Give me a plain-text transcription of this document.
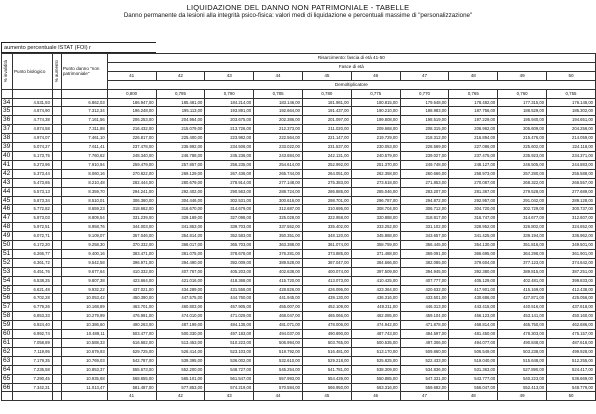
LIQUIDAZIONE DEL DANNO NON PATRIMONIALE - TABELLE
Danno permanente da lesioni alla integrità psico-fisica: valori medi di liquidazione e percentuali massime di "personalizzazione"
aumento percentuale ISTAT (FOI) r
% invalidità	Punto biologico	% aumento	Punto danno "non patrimoniale"	Risarcimento: fascia di età 41-50									
				Fasce di età									
				41	42	43	44	45	46	47	48	49	50
				Demoltiplicatore									
				0,800	0,795	0,790	0,785	0,780	0,775	0,770	0,765	0,760	0,755
34	4.531,93		6.862,03	186.947,00	185.481,00	184.214,00	183.146,00	181.981,00	180.815,00	179.648,00	178.482,00	177.315,00	176.148,00
35	4.674,90		7.312,34	196.248,00	195.113,00	193.891,00	192.664,00	191.437,00	190.210,00	188.983,00	187.756,00	186.529,00	185.302,00
36	4.774,38		7.161,56	206.253,00	204.964,00	203.675,00	202.386,00	201.097,00	199.808,00	198.519,00	197.229,00	195.940,00	194.651,00
37	4.874,58		7.311,88	216.432,00	215.079,00	213.726,00	212.373,00	211.020,00	209.668,00	208.315,00	206.962,00	205.609,00	204.256,00
38	4.974,07		7.461,10	226.817,00	225.400,00	223.982,00	222.564,00	221.147,00	219.729,00	218.312,00	216.894,00	215.476,00	214.059,00
39	5.074,27		7.611,41	237.478,00	235.992,00	234.506,00	233.022,00	231.537,00	230.053,00	228.569,00	227.086,00	225.602,00	224.118,00
40	5.173,75		7.760,62	248.340,00	246.788,00	245.236,00	243.684,00	242.131,00	240.579,00	239.027,00	237.475,00	235.923,00	234.371,00
41	5.273,96		7.910,94	259.479,00	257.857,00	256.235,00	254.614,00	252.992,00	251.370,00	249.748,00	248.127,00	246.505,00	244.883,00
42	5.373,44		8.060,16	270.822,00	269.129,00	267.436,00	265.744,00	264.051,00	262.358,00	260.666,00	258.973,00	257.280,00	255.588,00
43	5.473,65		8.210,48	282.444,00	280.679,00	278.914,00	277.148,00	275.383,00	273.618,00	271.853,00	270.087,00	268.322,00	266.557,00
44	5.573,13		8.359,70	294.241,00	292.402,00	290.563,00	288.724,00	286.885,00	285.046,00	283.207,00	281.367,00	279.528,00	277.689,00
45	5.673,34		8.510,01	306.360,00	304.446,00	302.531,00	300.616,00	298.701,00	296.787,00	294.872,00	292.957,00	291.042,00	289.128,00
46	5.772,82		8.659,23	318.662,00	316.670,00	314.679,00	312.687,00	310.695,00	308.704,00	306.712,00	304.720,00	302.729,00	300.737,00
47	5.873,03		8.809,54	331.239,00	329.169,00	327.098,00	325.028,00	322.958,00	320.888,00	318.817,00	316.747,00	314.677,00	312.607,00
48	5.972,51		8.958,76	344.003,00	341.853,00	339.703,00	337.552,00	335.402,00	333.252,00	331.102,00	328.952,00	326.802,00	324.652,00
49	6.072,71		9.109,07	357.046,00	354.814,00	352.583,00	350.351,00	348.120,00	345.888,00	343.657,00	341.425,00	339.194,00	336.962,00
50	6.172,20		9.258,30	370.332,00	368.017,00	365.703,00	363.388,00	361.074,00	358.759,00	356.445,00	354.130,00	351.816,00	349.501,00
51	6.266,77		9.400,16	383.471,00	381.075,00	378.678,00	376.281,00	373.885,00	371.488,00	369.091,00	366.695,00	364.298,00	361.901,00
52	6.361,72		9.542,58	396.971,00	394.490,00	392.009,00	389.528,00	387.047,00	384.566,00	382.085,00	379.604,00	377.123,00	374.642,00
53	6.451,76		9.677,64	410.332,00	407.767,00	405.203,00	402.638,00	400.074,00	397.509,00	394.945,00	392.380,00	389.815,00	387.251,00
54	6.538,25		9.807,38	423.664,00	421.016,00	418.368,00	415.720,00	413.073,00	410.425,00	407.777,00	405.129,00	402.481,00	399.833,00
55	6.621,48		9.932,22	437.021,00	434.289,00	431.558,00	428.826,00	426.095,00	423.364,00	420.632,00	417.901,00	415.169,00	412.438,00
56	6.702,28		10.053,42	450.390,00	447.575,00	444.760,00	441.945,00	439.130,00	436.316,00	433.501,00	430.686,00	427.871,00	425.056,00
57	6.779,26		10.168,89	463.701,00	460.803,00	457.905,00	455.007,00	452.109,00	449.211,00	446.313,00	443.415,00	440.516,00	437.618,00
58	6.853,33		10.279,99	476.991,00	474.010,00	471.029,00	468.047,00	465.066,00	462.085,00	459.104,00	456.123,00	453.141,00	450.160,00
59	6.924,40		10.386,60	490.263,00	487.199,00	484.135,00	481.071,00	478.006,00	474.942,00	471.878,00	468.814,00	465.750,00	462.686,00
60	6.992,74		10.489,11	503.477,00	500.330,00	497.183,00	494.037,00	490.890,00	487.743,00	484.597,00	481.450,00	478.303,00	475.157,00
61	7.058,89		10.588,33	516.682,00	513.453,00	510.223,00	506.994,00	503.765,00	500.535,00	497.306,00	494.077,00	490.848,00	487.618,00
62	7.119,95		10.679,93	529.725,00	526.414,00	523.103,00	519.792,00	516.481,00	513.170,00	509.860,00	506.549,00	503.238,00	499.928,00
63	7.179,35		10.769,03	542.787,00	539.395,00	536.002,00	532.610,00	529.218,00	525.825,00	522.433,00	519.040,00	515.648,00	512.255,00
64	7.235,58		10.853,37	555.673,00	552.200,00	548.727,00	545.254,00	541.781,00	538.309,00	534.836,00	531.363,00	527.890,00	524.417,00
65	7.290,45		10.935,68	568.655,00	565.101,00	561.547,00	557.993,00	554.439,00	550.885,00	547.331,00	543.777,00	540.223,00	536.669,00
66	7.342,31		11.013,47	581.487,00	577.853,00	574.219,00	570.584,00	566.950,00	563.316,00	559.682,00	556.047,00	552.413,00	548.779,00
				41	42	43	44	45	46	47	48	49	50
